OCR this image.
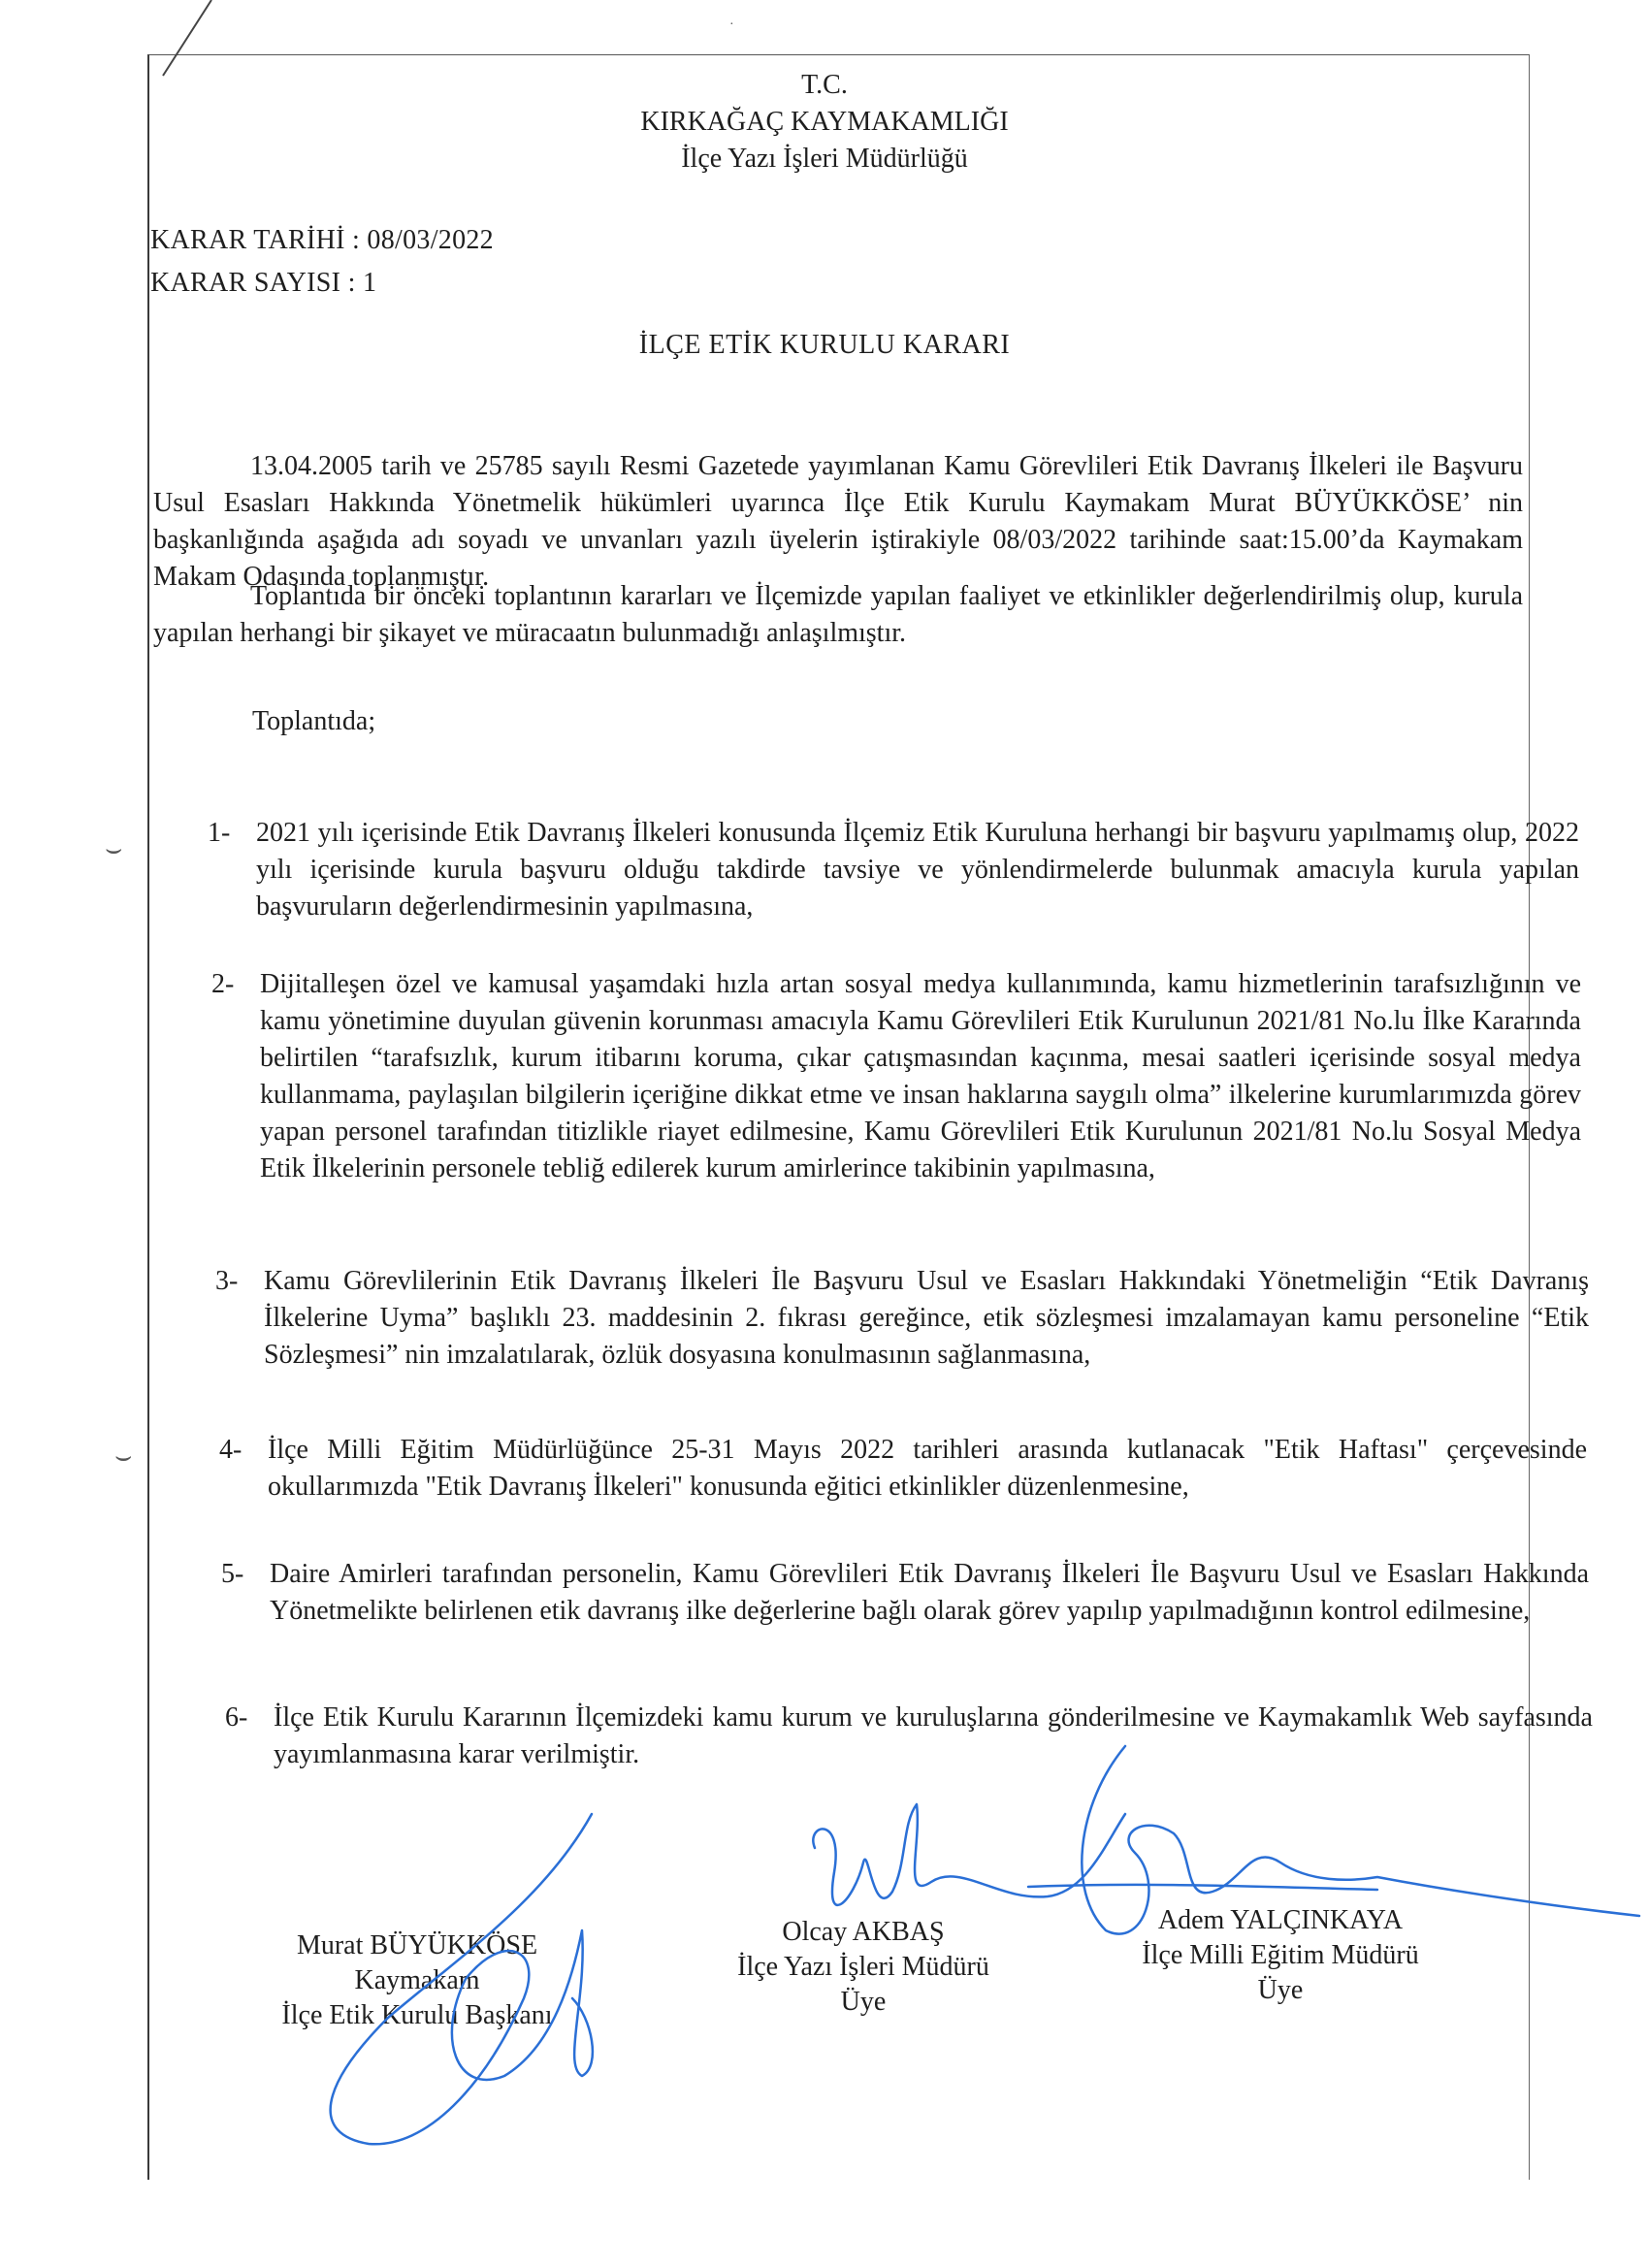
T.C.
KIRKAĞAÇ KAYMAKAMLIĞI
İlçe Yazı İşleri Müdürlüğü
KARAR TARİHİ : 08/03/2022
KARAR SAYISI : 1
İLÇE ETİK KURULU KARARI
13.04.2005 tarih ve 25785 sayılı Resmi Gazetede yayımlanan Kamu Görevlileri Etik Davranış İlkeleri ile Başvuru Usul Esasları Hakkında Yönetmelik hükümleri uyarınca İlçe Etik Kurulu Kaymakam Murat BÜYÜKKÖSE’ nin başkanlığında aşağıda adı soyadı ve unvanları yazılı üyelerin iştirakiyle 08/03/2022 tarihinde saat:15.00’da Kaymakam Makam Odasında toplanmıştır.
Toplantıda bir önceki toplantının kararları ve İlçemizde yapılan faaliyet ve etkinlikler değerlendirilmiş olup, kurula yapılan herhangi bir şikayet ve müracaatın bulunmadığı anlaşılmıştır.
Toplantıda;
1- 2021 yılı içerisinde Etik Davranış İlkeleri konusunda İlçemiz Etik Kuruluna herhangi bir başvuru yapılmamış olup, 2022 yılı içerisinde kurula başvuru olduğu takdirde tavsiye ve yönlendirmelerde bulunmak amacıyla kurula yapılan başvuruların değerlendirmesinin yapılmasına,
2- Dijitalleşen özel ve kamusal yaşamdaki hızla artan sosyal medya kullanımında, kamu hizmetlerinin tarafsızlığının ve kamu yönetimine duyulan güvenin korunması amacıyla Kamu Görevlileri Etik Kurulunun 2021/81 No.lu İlke Kararında belirtilen “tarafsızlık, kurum itibarını koruma, çıkar çatışmasından kaçınma, mesai saatleri içerisinde sosyal medya kullanmama, paylaşılan bilgilerin içeriğine dikkat etme ve insan haklarına saygılı olma” ilkelerine kurumlarımızda görev yapan personel tarafından titizlikle riayet edilmesine, Kamu Görevlileri Etik Kurulunun 2021/81 No.lu Sosyal Medya Etik İlkelerinin personele tebliğ edilerek kurum amirlerince takibinin yapılmasına,
3- Kamu Görevlilerinin Etik Davranış İlkeleri İle Başvuru Usul ve Esasları Hakkındaki Yönetmeliğin “Etik Davranış İlkelerine Uyma” başlıklı 23. maddesinin 2. fıkrası gereğince, etik sözleşmesi imzalamayan kamu personeline “Etik Sözleşmesi” nin imzalatılarak, özlük dosyasına konulmasının sağlanmasına,
4- İlçe Milli Eğitim Müdürlüğünce 25-31 Mayıs 2022 tarihleri arasında kutlanacak "Etik Haftası" çerçevesinde okullarımızda "Etik Davranış İlkeleri" konusunda eğitici etkinlikler düzenlenmesine,
5- Daire Amirleri tarafından personelin, Kamu Görevlileri Etik Davranış İlkeleri İle Başvuru Usul ve Esasları Hakkında Yönetmelikte belirlenen etik davranış ilke değerlerine bağlı olarak görev yapılıp yapılmadığının kontrol edilmesine,
6- İlçe Etik Kurulu Kararının İlçemizdeki kamu kurum ve kuruluşlarına gönderilmesine ve Kaymakamlık Web sayfasında yayımlanmasına karar verilmiştir.
Murat BÜYÜKKÖSE
Kaymakam
İlçe Etik Kurulu Başkanı
Olcay AKBAŞ
İlçe Yazı İşleri Müdürü
Üye
Adem YALÇINKAYA
İlçe Milli Eğitim Müdürü
Üye
⌣
⌣
·
